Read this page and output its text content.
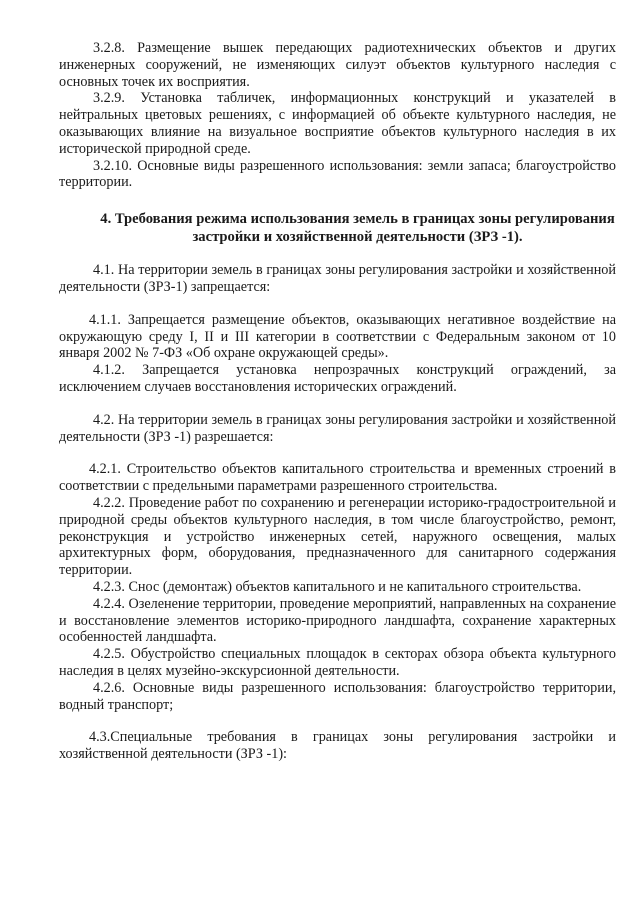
3.2.8. Размещение вышек передающих радиотехнических объектов и других инженерных сооружений, не изменяющих силуэт объектов культурного наследия с основных точек их восприятия.

3.2.9. Установка табличек, информационных конструкций и указателей в нейтральных цветовых решениях, с информацией об объекте культурного наследия, не оказывающих влияние на визуальное восприятие объектов культурного наследия в их исторической природной среде.

3.2.10. Основные виды разрешенного использования: земли запаса; благоустройство территории.

4. Требования режима использования земель в границах зоны регулирования застройки и хозяйственной деятельности (ЗРЗ -1).

4.1. На территории земель в границах зоны регулирования застройки и хозяйственной деятельности (ЗРЗ-1) запрещается:

4.1.1. Запрещается размещение объектов, оказывающих негативное воздействие на окружающую среду I, II и III категории в соответствии с Федеральным законом от 10 января 2002 № 7-ФЗ «Об охране окружающей среды».

4.1.2. Запрещается установка непрозрачных конструкций ограждений, за исключением случаев восстановления исторических ограждений.

4.2. На территории земель в границах зоны регулирования застройки и хозяйственной деятельности (ЗРЗ -1) разрешается:

4.2.1. Строительство объектов капитального строительства и временных строений в соответствии с предельными параметрами разрешенного строительства.

4.2.2. Проведение работ по сохранению и регенерации историко-градостроительной и природной среды объектов культурного наследия, в том числе благоустройство, ремонт, реконструкция и устройство инженерных сетей, наружного освещения, малых архитектурных форм, оборудования, предназначенного для санитарного содержания территории.

4.2.3. Снос (демонтаж) объектов капитального и не капитального строительства.

4.2.4. Озеленение территории, проведение мероприятий, направленных на сохранение и восстановление элементов историко-природного ландшафта, сохранение характерных особенностей ландшафта.

4.2.5. Обустройство специальных площадок в секторах обзора объекта культурного наследия в целях музейно-экскурсионной деятельности.

4.2.6. Основные виды разрешенного использования: благоустройство территории, водный транспорт;

4.3.Специальные требования в границах зоны регулирования застройки и хозяйственной деятельности (ЗРЗ -1):
